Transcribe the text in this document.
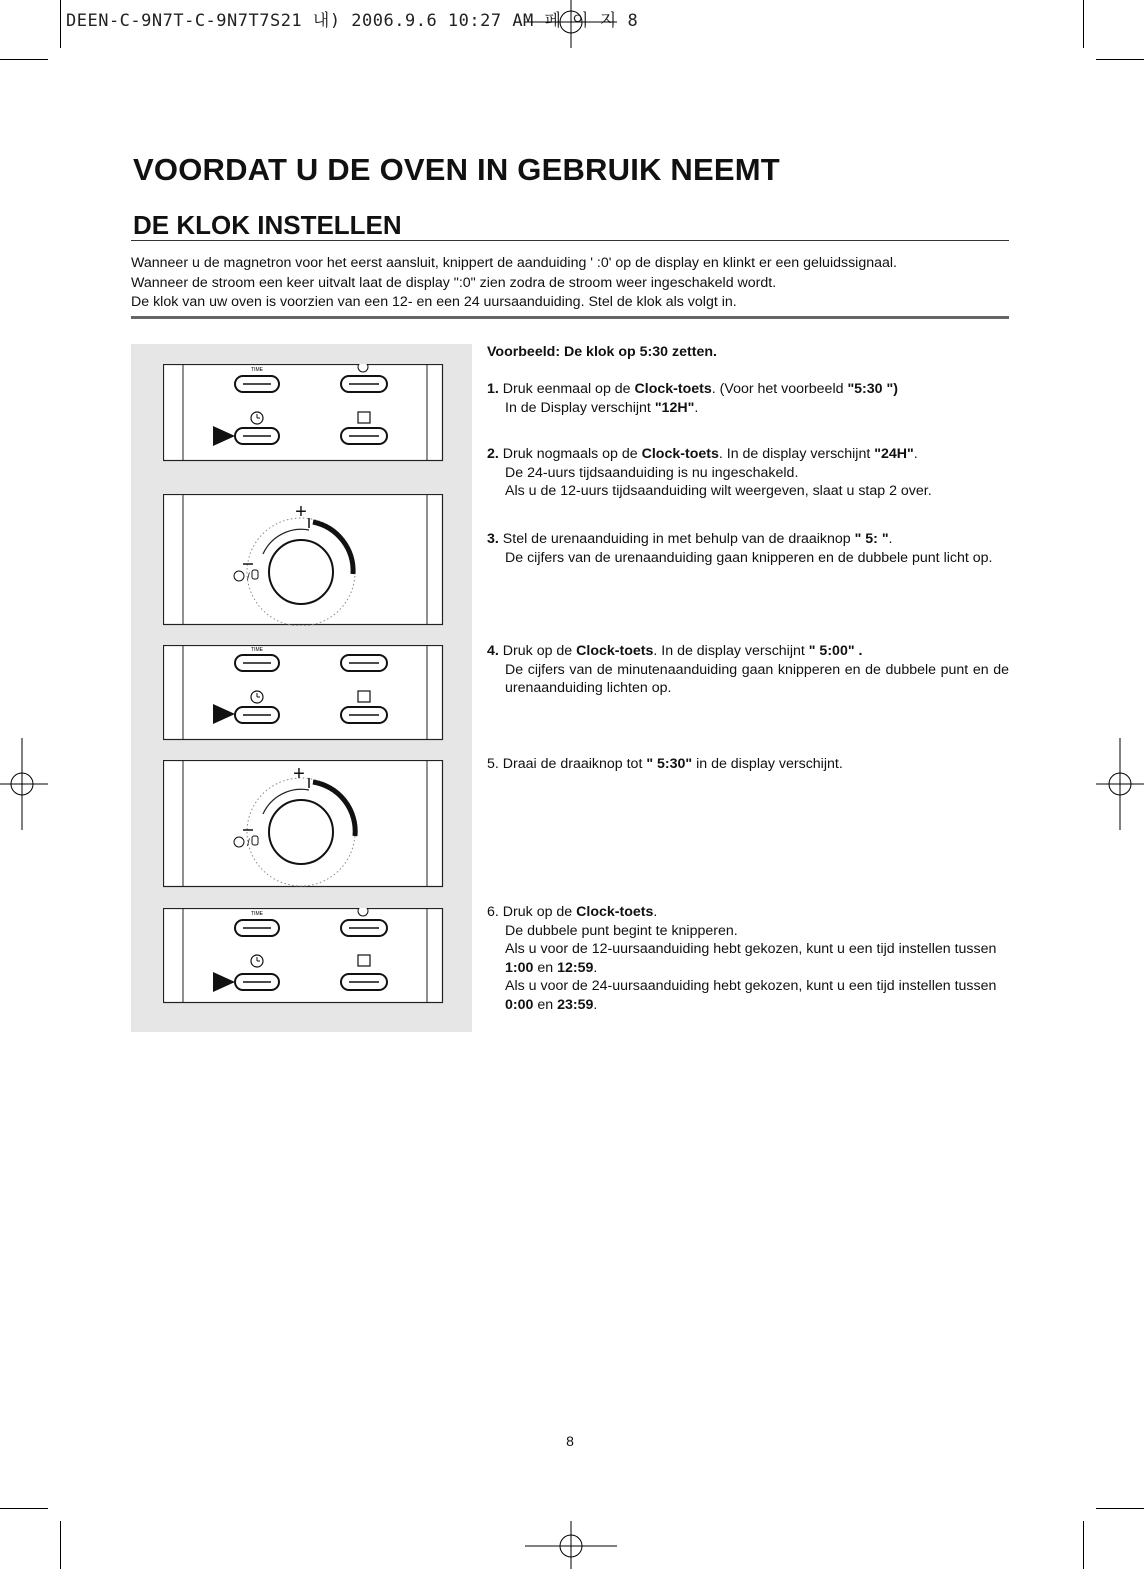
DEEN-C-9N7T-C-9N7T7S21 내) 2006.9.6 10:27 AM 페 이 지 8
VOORDAT U DE OVEN IN GEBRUIK NEEMT
DE KLOK INSTELLEN

Wanneer u de magnetron voor het eerst aansluit, knippert de aanduiding ' :0' op de display en klinkt er een geluidssignaal.

Wanneer de stroom een keer uitvalt laat de display ":0" zien zodra de stroom weer ingeschakeld wordt.

De klok van uw oven is voorzien van een 12- en een 24 uursaanduiding. Stel de klok als volgt in.

TIME
+
/
TIME
+
/
TIME

Voorbeeld: De klok op 5:30 zetten.

1. Druk eenmaal op de Clock-toets. (Voor het voorbeeld "5:30 ")

In de Display verschijnt "12H".

2. Druk nogmaals op de Clock-toets. In de display verschijnt "24H".

De 24-uurs tijdsaanduiding is nu ingeschakeld.

Als u de 12-uurs tijdsaanduiding wilt weergeven, slaat u stap 2 over.

3. Stel de urenaanduiding in met behulp van de draaiknop " 5: ".

De cijfers van de urenaanduiding gaan knipperen en de dubbele punt licht op.

4. Druk op de Clock-toets. In de display verschijnt " 5:00" .

De cijfers van de minutenaanduiding gaan knipperen en de dubbele punt en de urenaanduiding lichten op.

5. Draai de draaiknop tot " 5:30" in de display verschijnt.

6. Druk op de Clock-toets.

De dubbele punt begint te knipperen.

Als u voor de 12-uursaanduiding hebt gekozen, kunt u een tijd instellen tussen

1:00 en 12:59.

Als u voor de 24-uursaanduiding hebt gekozen, kunt u een tijd instellen tussen

0:00 en 23:59.

8
